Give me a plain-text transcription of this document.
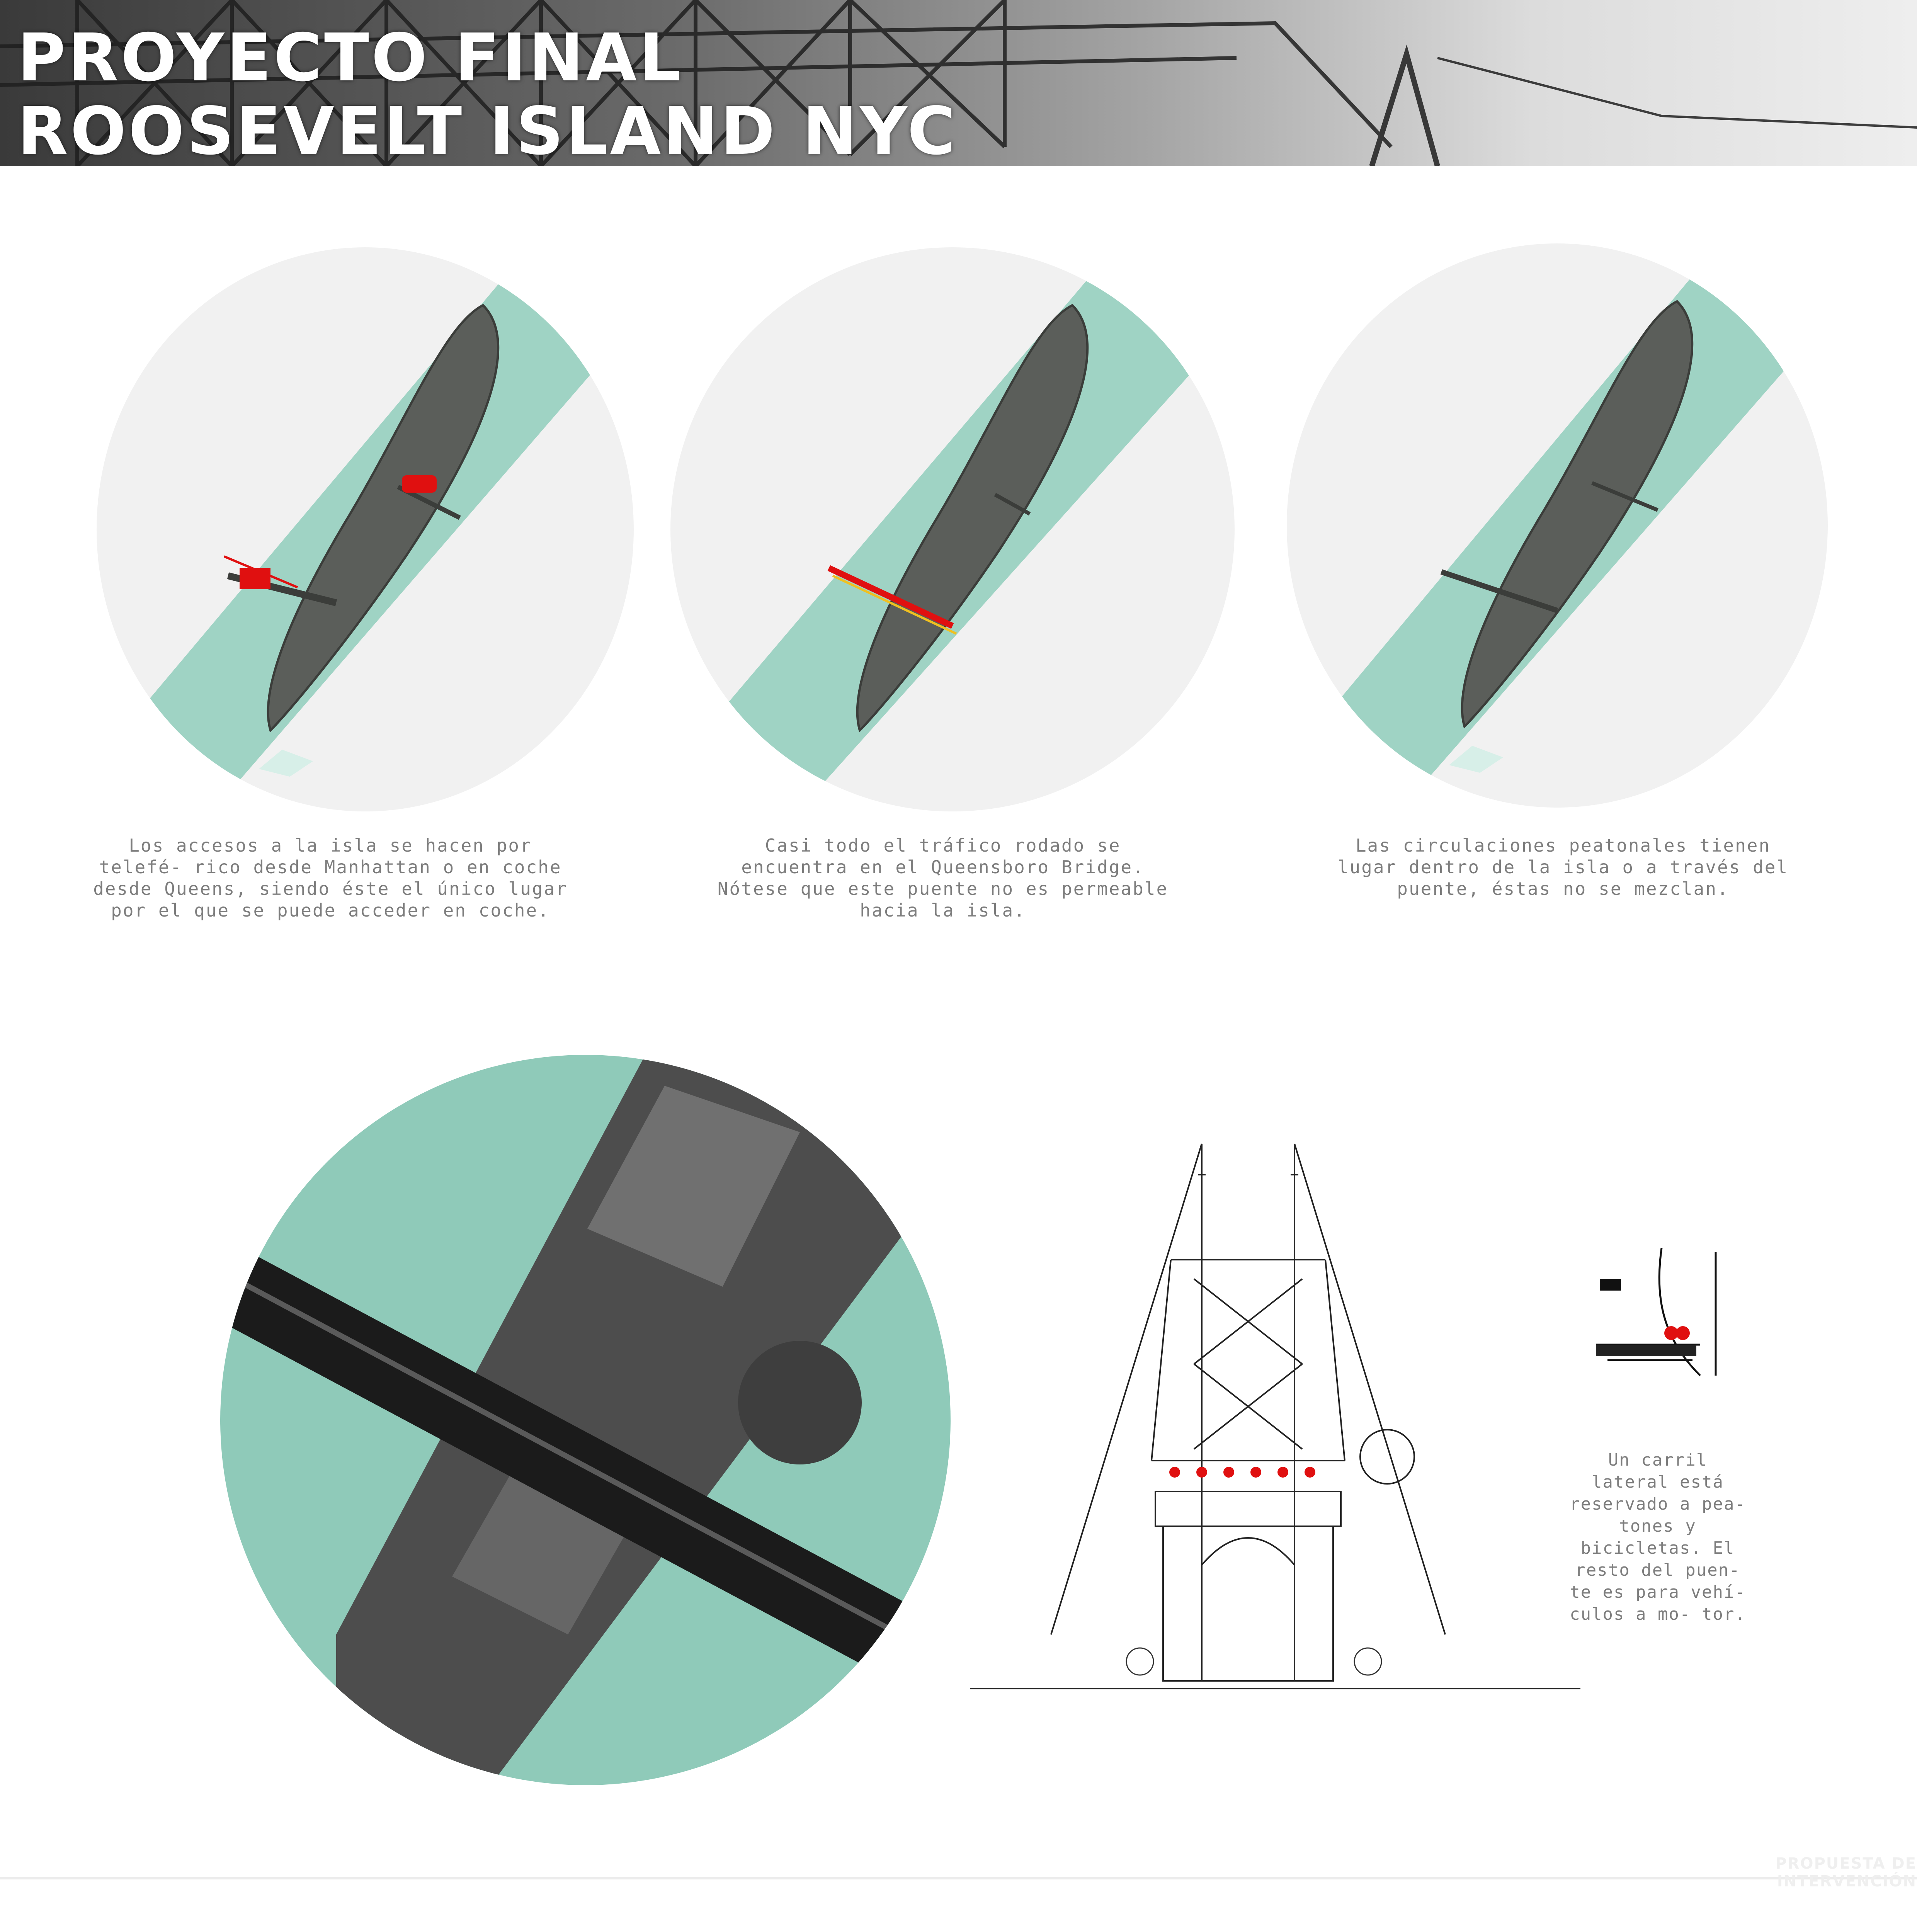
PROYECTO FINAL
ROOSEVELT ISLAND NYC
Los accesos a la isla se hacen por telefé- rico desde Manhattan o en coche desde Queens, siendo éste el único lugar por el que se puede acceder en coche.
Casi todo el tráfico rodado se encuentra en el Queensboro Bridge. Nótese que este puente no es permeable hacia la isla.
Las circulaciones peatonales tienen lugar dentro de la isla o a través del puente, éstas no se mezclan.
Un carril lateral está reservado a pea- tones y bicicletas. El resto del puen- te es para vehí- culos a mo- tor.
PROPUESTA DE INTERVENCIÓN
